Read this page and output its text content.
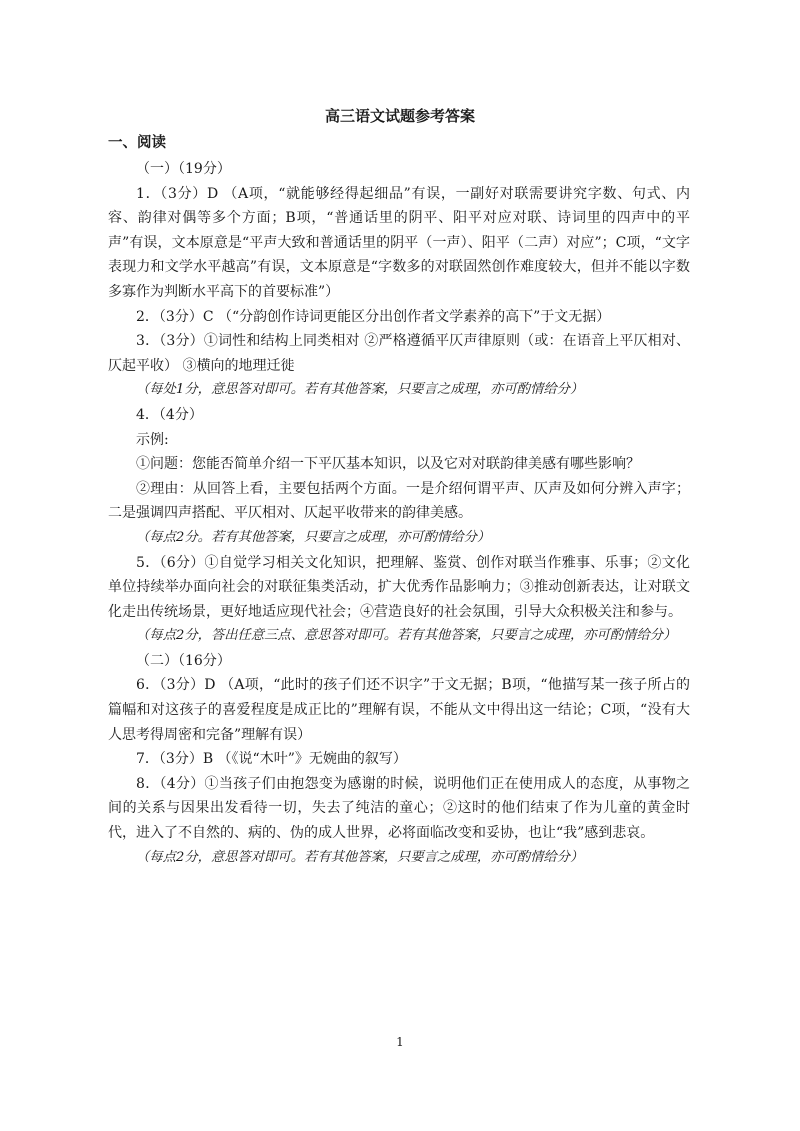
高三语文试题参考答案
一、阅读

（一）（19分）

1．（3分）D （A项，“就能够经得起细品”有误，一副好对联需要讲究字数、句式、内容、韵律对偶等多个方面；B项，“普通话里的阴平、阳平对应对联、诗词里的四声中的平声”有误，文本原意是“平声大致和普通话里的阴平（一声）、阳平（二声）对应”；C项，“文字表现力和文学水平越高”有误，文本原意是“字数多的对联固然创作难度较大，但并不能以字数多寡作为判断水平高下的首要标准”）

2．（3分）C （“分韵创作诗词更能区分出创作者文学素养的高下”于文无据）

3．（3分）①词性和结构上同类相对 ②严格遵循平仄声律原则（或：在语音上平仄相对、仄起平收） ③横向的地理迁徙

（每处1分，意思答对即可。若有其他答案，只要言之成理，亦可酌情给分）

4．（4分）

示例:

①问题：您能否简单介绍一下平仄基本知识，以及它对对联韵律美感有哪些影响？

②理由：从回答上看，主要包括两个方面。一是介绍何谓平声、仄声及如何分辨入声字；二是强调四声搭配、平仄相对、仄起平收带来的韵律美感。

（每点2分。若有其他答案，只要言之成理，亦可酌情给分）

5．（6分）①自觉学习相关文化知识，把理解、鉴赏、创作对联当作雅事、乐事；②文化单位持续举办面向社会的对联征集类活动，扩大优秀作品影响力；③推动创新表达，让对联文化走出传统场景，更好地适应现代社会；④营造良好的社会氛围，引导大众积极关注和参与。

（每点2分，答出任意三点、意思答对即可。若有其他答案，只要言之成理，亦可酌情给分）

（二）（16分）

6．（3分）D （A项，“此时的孩子们还不识字”于文无据；B项，“他描写某一孩子所占的篇幅和对这孩子的喜爱程度是成正比的”理解有误，不能从文中得出这一结论；C项，“没有大人思考得周密和完备”理解有误）

7．（3分）B （《说“木叶”》无婉曲的叙写）

8．（4分）①当孩子们由抱怨变为感谢的时候，说明他们正在使用成人的态度，从事物之间的关系与因果出发看待一切，失去了纯洁的童心；②这时的他们结束了作为儿童的黄金时代，进入了不自然的、病的、伪的成人世界，必将面临改变和妥协，也让“我”感到悲哀。

（每点2分，意思答对即可。若有其他答案，只要言之成理，亦可酌情给分）

1
